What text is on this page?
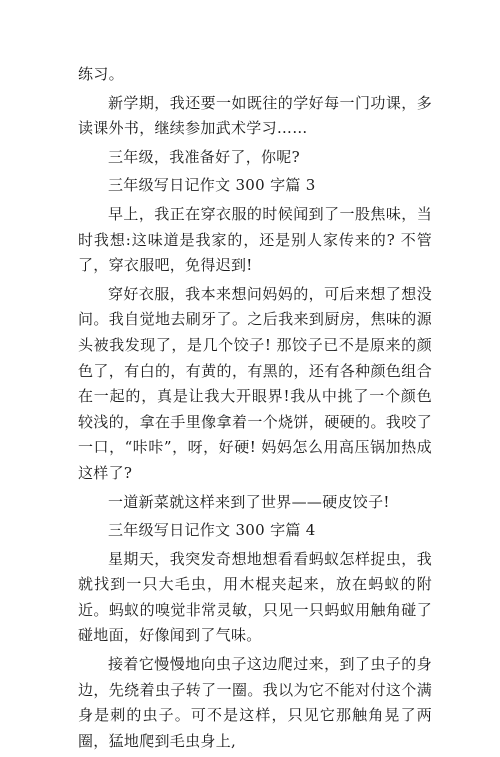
练习。

新学期，我还要一如既往的学好每一门功课，多读课外书，继续参加武术学习……

三年级，我准备好了，你呢?

三年级写日记作文 300 字篇 3

早上，我正在穿衣服的时候闻到了一股焦味，当时我想:这味道是我家的，还是别人家传来的? 不管了，穿衣服吧，免得迟到!

穿好衣服，我本来想问妈妈的，可后来想了想没问。我自觉地去刷牙了。之后我来到厨房，焦味的源头被我发现了，是几个饺子! 那饺子已不是原来的颜色了，有白的，有黄的，有黑的，还有各种颜色组合在一起的，真是让我大开眼界!我从中挑了一个颜色较浅的，拿在手里像拿着一个烧饼，硬硬的。我咬了一口，“咔咔”，呀，好硬! 妈妈怎么用高压锅加热成这样了?

一道新菜就这样来到了世界——硬皮饺子!

三年级写日记作文 300 字篇 4

星期天，我突发奇想地想看看蚂蚁怎样捉虫，我就找到一只大毛虫，用木棍夹起来，放在蚂蚁的附近。蚂蚁的嗅觉非常灵敏，只见一只蚂蚁用触角碰了碰地面，好像闻到了气味。

接着它慢慢地向虫子这边爬过来，到了虫子的身边，先绕着虫子转了一圈。我以为它不能对付这个满身是刺的虫子。可不是这样，只见它那触角晃了两圈，猛地爬到毛虫身上,
